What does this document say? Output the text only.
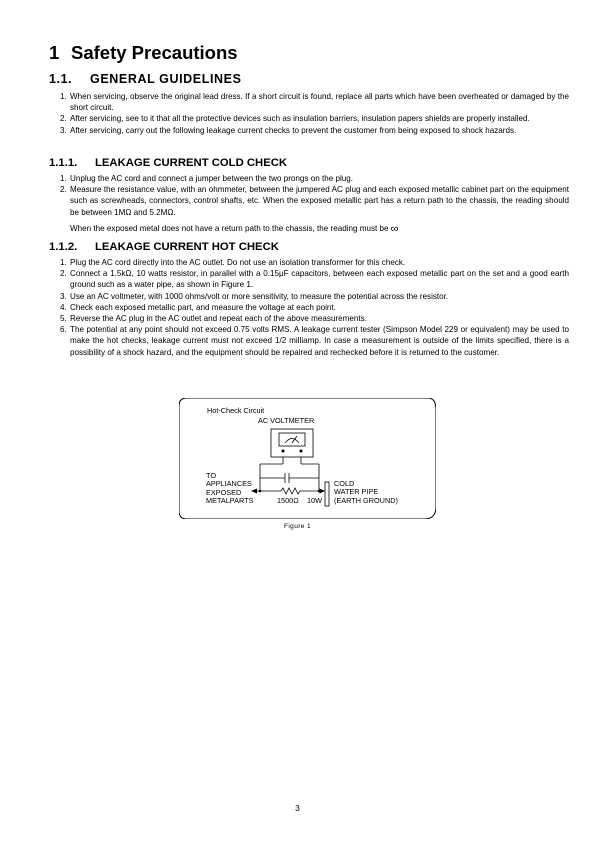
1 Safety Precautions
1.1. GENERAL GUIDELINES
1. When servicing, observe the original lead dress. If a short circuit is found, replace all parts which have been overheated or damaged by the short circuit.
2. After servicing, see to it that all the protective devices such as insulation barriers, insulation papers shields are properly installed.
3. After servicing, carry out the following leakage current checks to prevent the customer from being exposed to shock hazards.
1.1.1. LEAKAGE CURRENT COLD CHECK
1. Unplug the AC cord and connect a jumper between the two prongs on the plug.
2. Measure the resistance value, with an ohmmeter, between the jumpered AC plug and each exposed metallic cabinet part on the equipment such as screwheads, connectors, control shafts, etc. When the exposed metallic part has a return path to the chassis, the reading should be between 1MΩ and 5.2MΩ.
When the exposed metal does not have a return path to the chassis, the reading must be ∞
1.1.2. LEAKAGE CURRENT HOT CHECK
1. Plug the AC cord directly into the AC outlet. Do not use an isolation transformer for this check.
2. Connect a 1.5kΩ, 10 watts resistor, in parallel with a 0.15μF capacitors, between each exposed metallic part on the set and a good earth ground such as a water pipe, as shown in Figure 1.
3. Use an AC voltmeter, with 1000 ohms/volt or more sensitivity, to measure the potential across the resistor.
4. Check each exposed metallic part, and measure the voltage at each point.
5. Reverse the AC plug in the AC outlet and repeat each of the above measurements.
6. The potential at any point should not exceed 0.75 volts RMS. A leakage current tester (Simpson Model 229 or equivalent) may be used to make the hot checks, leakage current must not exceed 1/2 milliamp. In case a measurement is outside of the limits specified, there is a possibility of a shock hazard, and the equipment should be repaired and rechecked before it is returned to the customer.
Hot-Check Circuit
AC VOLTMETER
TO
APPLIANCES
EXPOSED
METALPARTS	1500Ω 10W
COLD
WATER PIPE
(EARTH GROUND)
Figure 1
3
